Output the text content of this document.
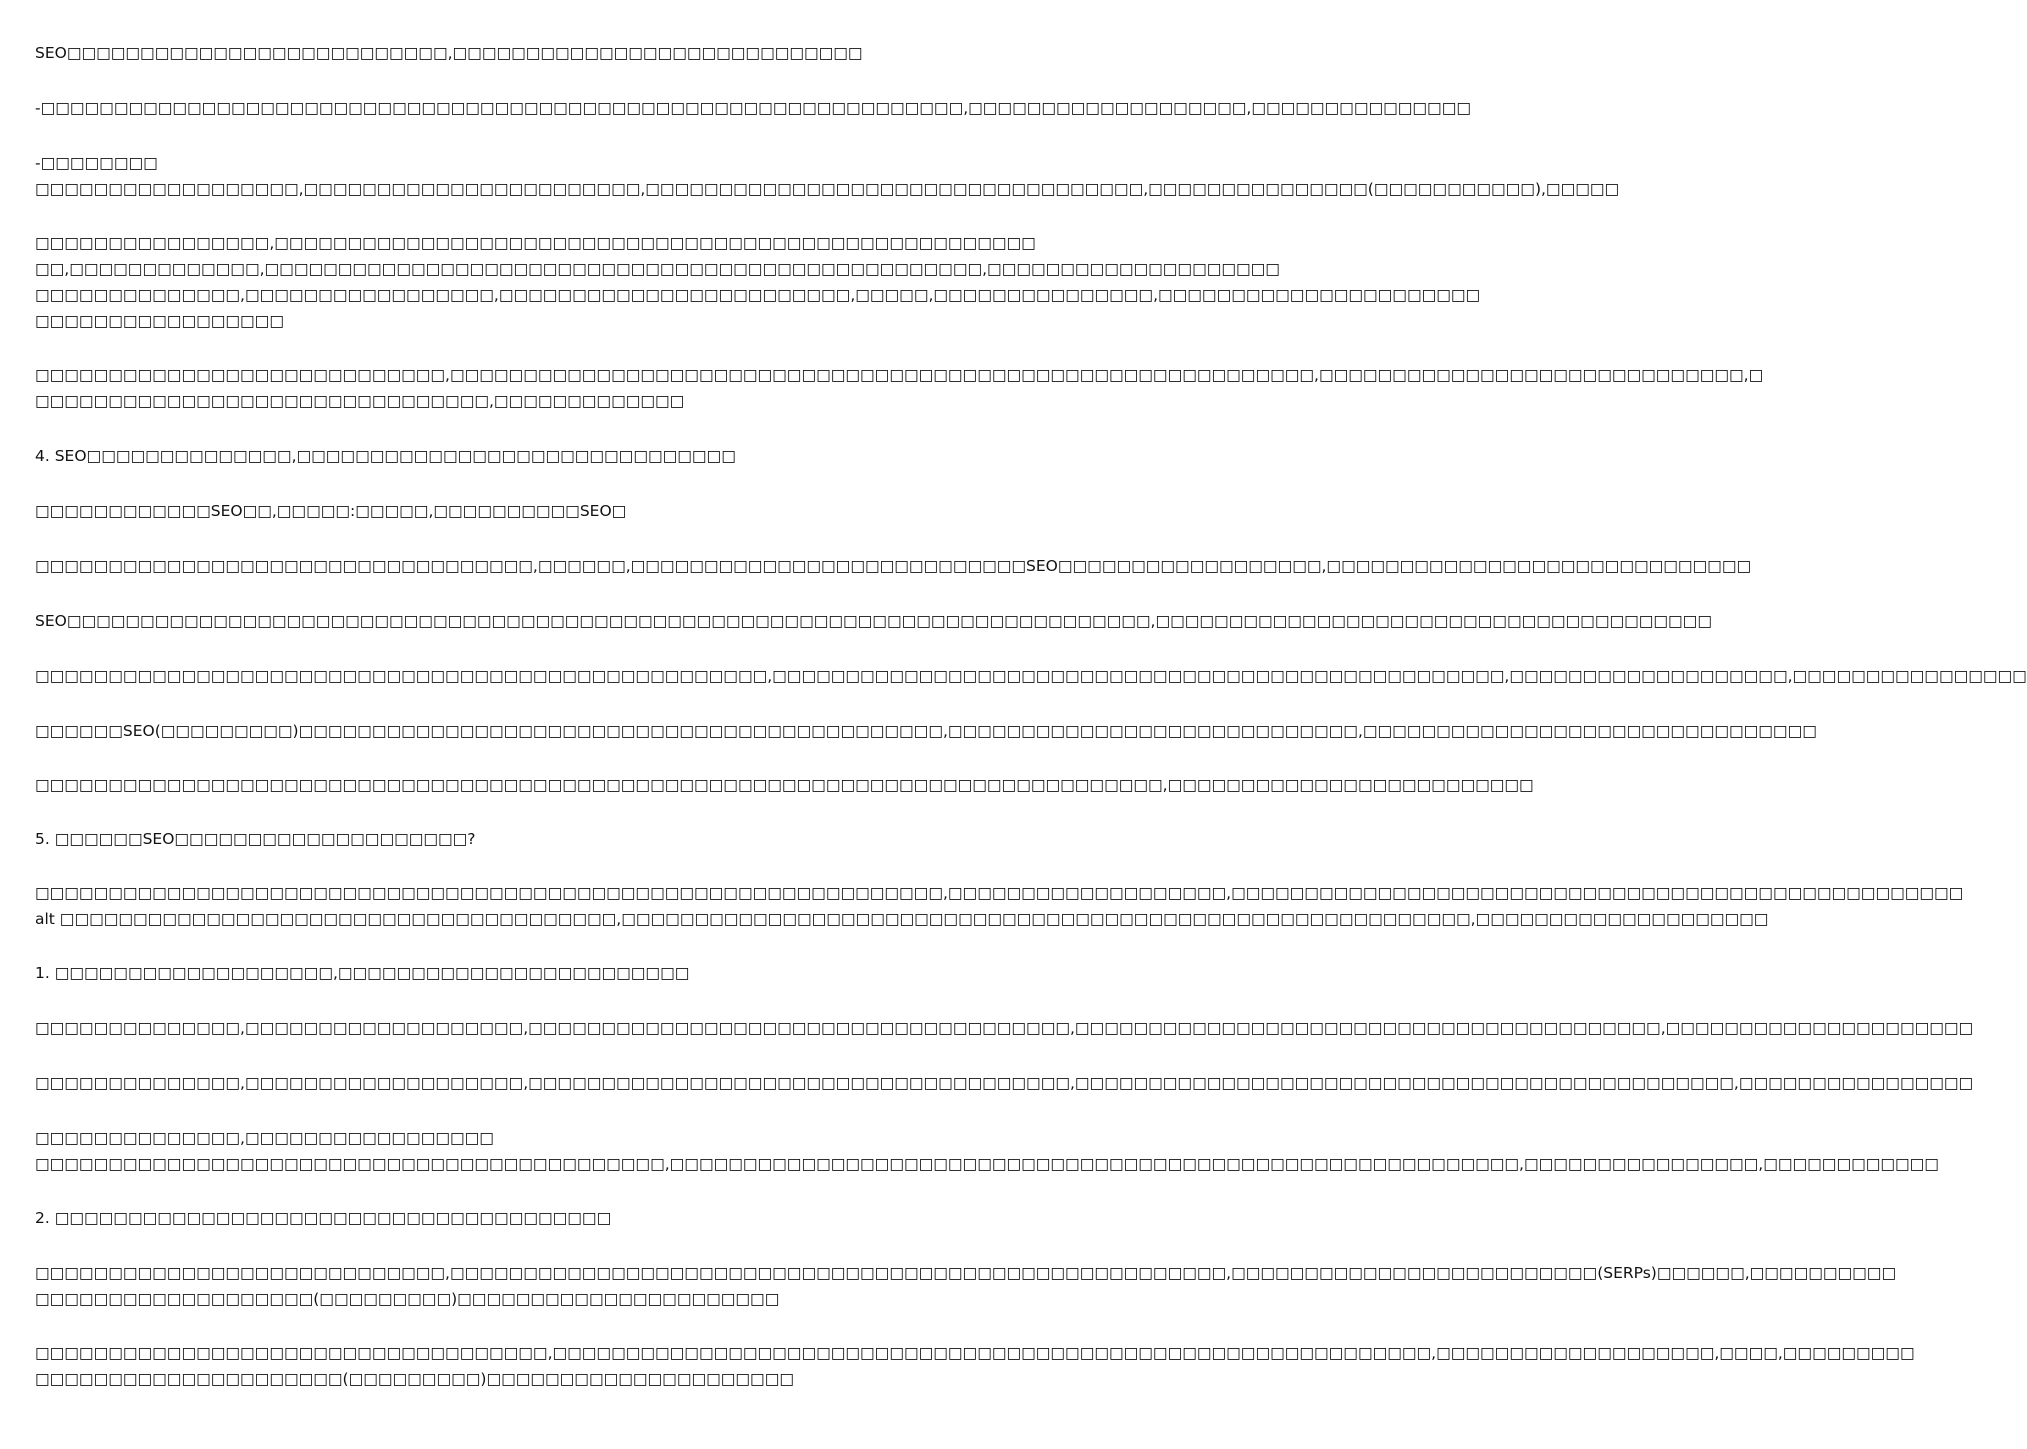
SEO□□□□□□□□□□□□□□□□□□□□□□□□□□,□□□□□□□□□□□□□□□□□□□□□□□□□□□□
-□□□□□□□□□□□□□□□□□□□□□□□□□□□□□□□□□□□□□□□□□□□□□□□□□□□□□□□□□□□□□□□,□□□□□□□□□□□□□□□□□□□,□□□□□□□□□□□□□□□
-□□□□□□□□
□□□□□□□□□□□□□□□□□□,□□□□□□□□□□□□□□□□□□□□□□□,□□□□□□□□□□□□□□□□□□□□□□□□□□□□□□□□□□,□□□□□□□□□□□□□□□(□□□□□□□□□□□),□□□□□
□□□□□□□□□□□□□□□□,□□□□□□□□□□□□□□□□□□□□□□□□□□□□□□□□□□□□□□□□□□□□□□□□□□□□
□□,□□□□□□□□□□□□□,□□□□□□□□□□□□□□□□□□□□□□□□□□□□□□□□□□□□□□□□□□□□□□□□□,□□□□□□□□□□□□□□□□□□□□
□□□□□□□□□□□□□□,□□□□□□□□□□□□□□□□□,□□□□□□□□□□□□□□□□□□□□□□□□,□□□□□,□□□□□□□□□□□□□□□,□□□□□□□□□□□□□□□□□□□□□□
□□□□□□□□□□□□□□□□□
□□□□□□□□□□□□□□□□□□□□□□□□□□□□,□□□□□□□□□□□□□□□□□□□□□□□□□□□□□□□□□□□□□□□□□□□□□□□□□□□□□□□□□□□,□□□□□□□□□□□□□□□□□□□□□□□□□□□□□,□
□□□□□□□□□□□□□□□□□□□□□□□□□□□□□□□,□□□□□□□□□□□□□
4. SEO□□□□□□□□□□□□□□,□□□□□□□□□□□□□□□□□□□□□□□□□□□□□□
□□□□□□□□□□□□SEO□□,□□□□□:□□□□□,□□□□□□□□□□SEO□
□□□□□□□□□□□□□□□□□□□□□□□□□□□□□□□□□□,□□□□□□,□□□□□□□□□□□□□□□□□□□□□□□□□□□SEO□□□□□□□□□□□□□□□□□□,□□□□□□□□□□□□□□□□□□□□□□□□□□□□□
SEO□□□□□□□□□□□□□□□□□□□□□□□□□□□□□□□□□□□□□□□□□□□□□□□□□□□□□□□□□□□□□□□□□□□□□□□□□□,□□□□□□□□□□□□□□□□□□□□□□□□□□□□□□□□□□□□□□
□□□□□□□□□□□□□□□□□□□□□□□□□□□□□□□□□□□□□□□□□□□□□□□□□□,□□□□□□□□□□□□□□□□□□□□□□□□□□□□□□□□□□□□□□□□□□□□□□□□□□,□□□□□□□□□□□□□□□□□□□,□□□□□□□□□□□□□□□□
□□□□□□SEO(□□□□□□□□□)□□□□□□□□□□□□□□□□□□□□□□□□□□□□□□□□□□□□□□□□□□□□,□□□□□□□□□□□□□□□□□□□□□□□□□□□□,□□□□□□□□□□□□□□□□□□□□□□□□□□□□□□□
□□□□□□□□□□□□□□□□□□□□□□□□□□□□□□□□□□□□□□□□□□□□□□□□□□□□□□□□□□□□□□□□□□□□□□□□□□□□□,□□□□□□□□□□□□□□□□□□□□□□□□□
5. □□□□□□SEO□□□□□□□□□□□□□□□□□□□□?
□□□□□□□□□□□□□□□□□□□□□□□□□□□□□□□□□□□□□□□□□□□□□□□□□□□□□□□□□□□□□□,□□□□□□□□□□□□□□□□□□□,□□□□□□□□□□□□□□□□□□□□□□□□□□□□□□□□□□□□□□□□□□□□□□□□□□
alt □□□□□□□□□□□□□□□□□□□□□□□□□□□□□□□□□□□□□□,□□□□□□□□□□□□□□□□□□□□□□□□□□□□□□□□□□□□□□□□□□□□□□□□□□□□□□□□□□,□□□□□□□□□□□□□□□□□□□□
1. □□□□□□□□□□□□□□□□□□□,□□□□□□□□□□□□□□□□□□□□□□□□
□□□□□□□□□□□□□□,□□□□□□□□□□□□□□□□□□□,□□□□□□□□□□□□□□□□□□□□□□□□□□□□□□□□□□□□□,□□□□□□□□□□□□□□□□□□□□□□□□□□□□□□□□□□□□□□□□,□□□□□□□□□□□□□□□□□□□□□
□□□□□□□□□□□□□□,□□□□□□□□□□□□□□□□□□□,□□□□□□□□□□□□□□□□□□□□□□□□□□□□□□□□□□□□□,□□□□□□□□□□□□□□□□□□□□□□□□□□□□□□□□□□□□□□□□□□□□□,□□□□□□□□□□□□□□□□
□□□□□□□□□□□□□□,□□□□□□□□□□□□□□□□□
□□□□□□□□□□□□□□□□□□□□□□□□□□□□□□□□□□□□□□□□□□□,□□□□□□□□□□□□□□□□□□□□□□□□□□□□□□□□□□□□□□□□□□□□□□□□□□□□□□□□□□,□□□□□□□□□□□□□□□□,□□□□□□□□□□□□
2. □□□□□□□□□□□□□□□□□□□□□□□□□□□□□□□□□□□□□□
□□□□□□□□□□□□□□□□□□□□□□□□□□□□,□□□□□□□□□□□□□□□□□□□□□□□□□□□□□□□□□□□□□□□□□□□□□□□□□□□□□,□□□□□□□□□□□□□□□□□□□□□□□□□(SERPs)□□□□□□,□□□□□□□□□□
□□□□□□□□□□□□□□□□□□□(□□□□□□□□□)□□□□□□□□□□□□□□□□□□□□□□
□□□□□□□□□□□□□□□□□□□□□□□□□□□□□□□□□□□,□□□□□□□□□□□□□□□□□□□□□□□□□□□□□□□□□□□□□□□□□□□□□□□□□□□□□□□□□□□□,□□□□□□□□□□□□□□□□□□□,□□□□,□□□□□□□□□
□□□□□□□□□□□□□□□□□□□□□(□□□□□□□□□)□□□□□□□□□□□□□□□□□□□□□
